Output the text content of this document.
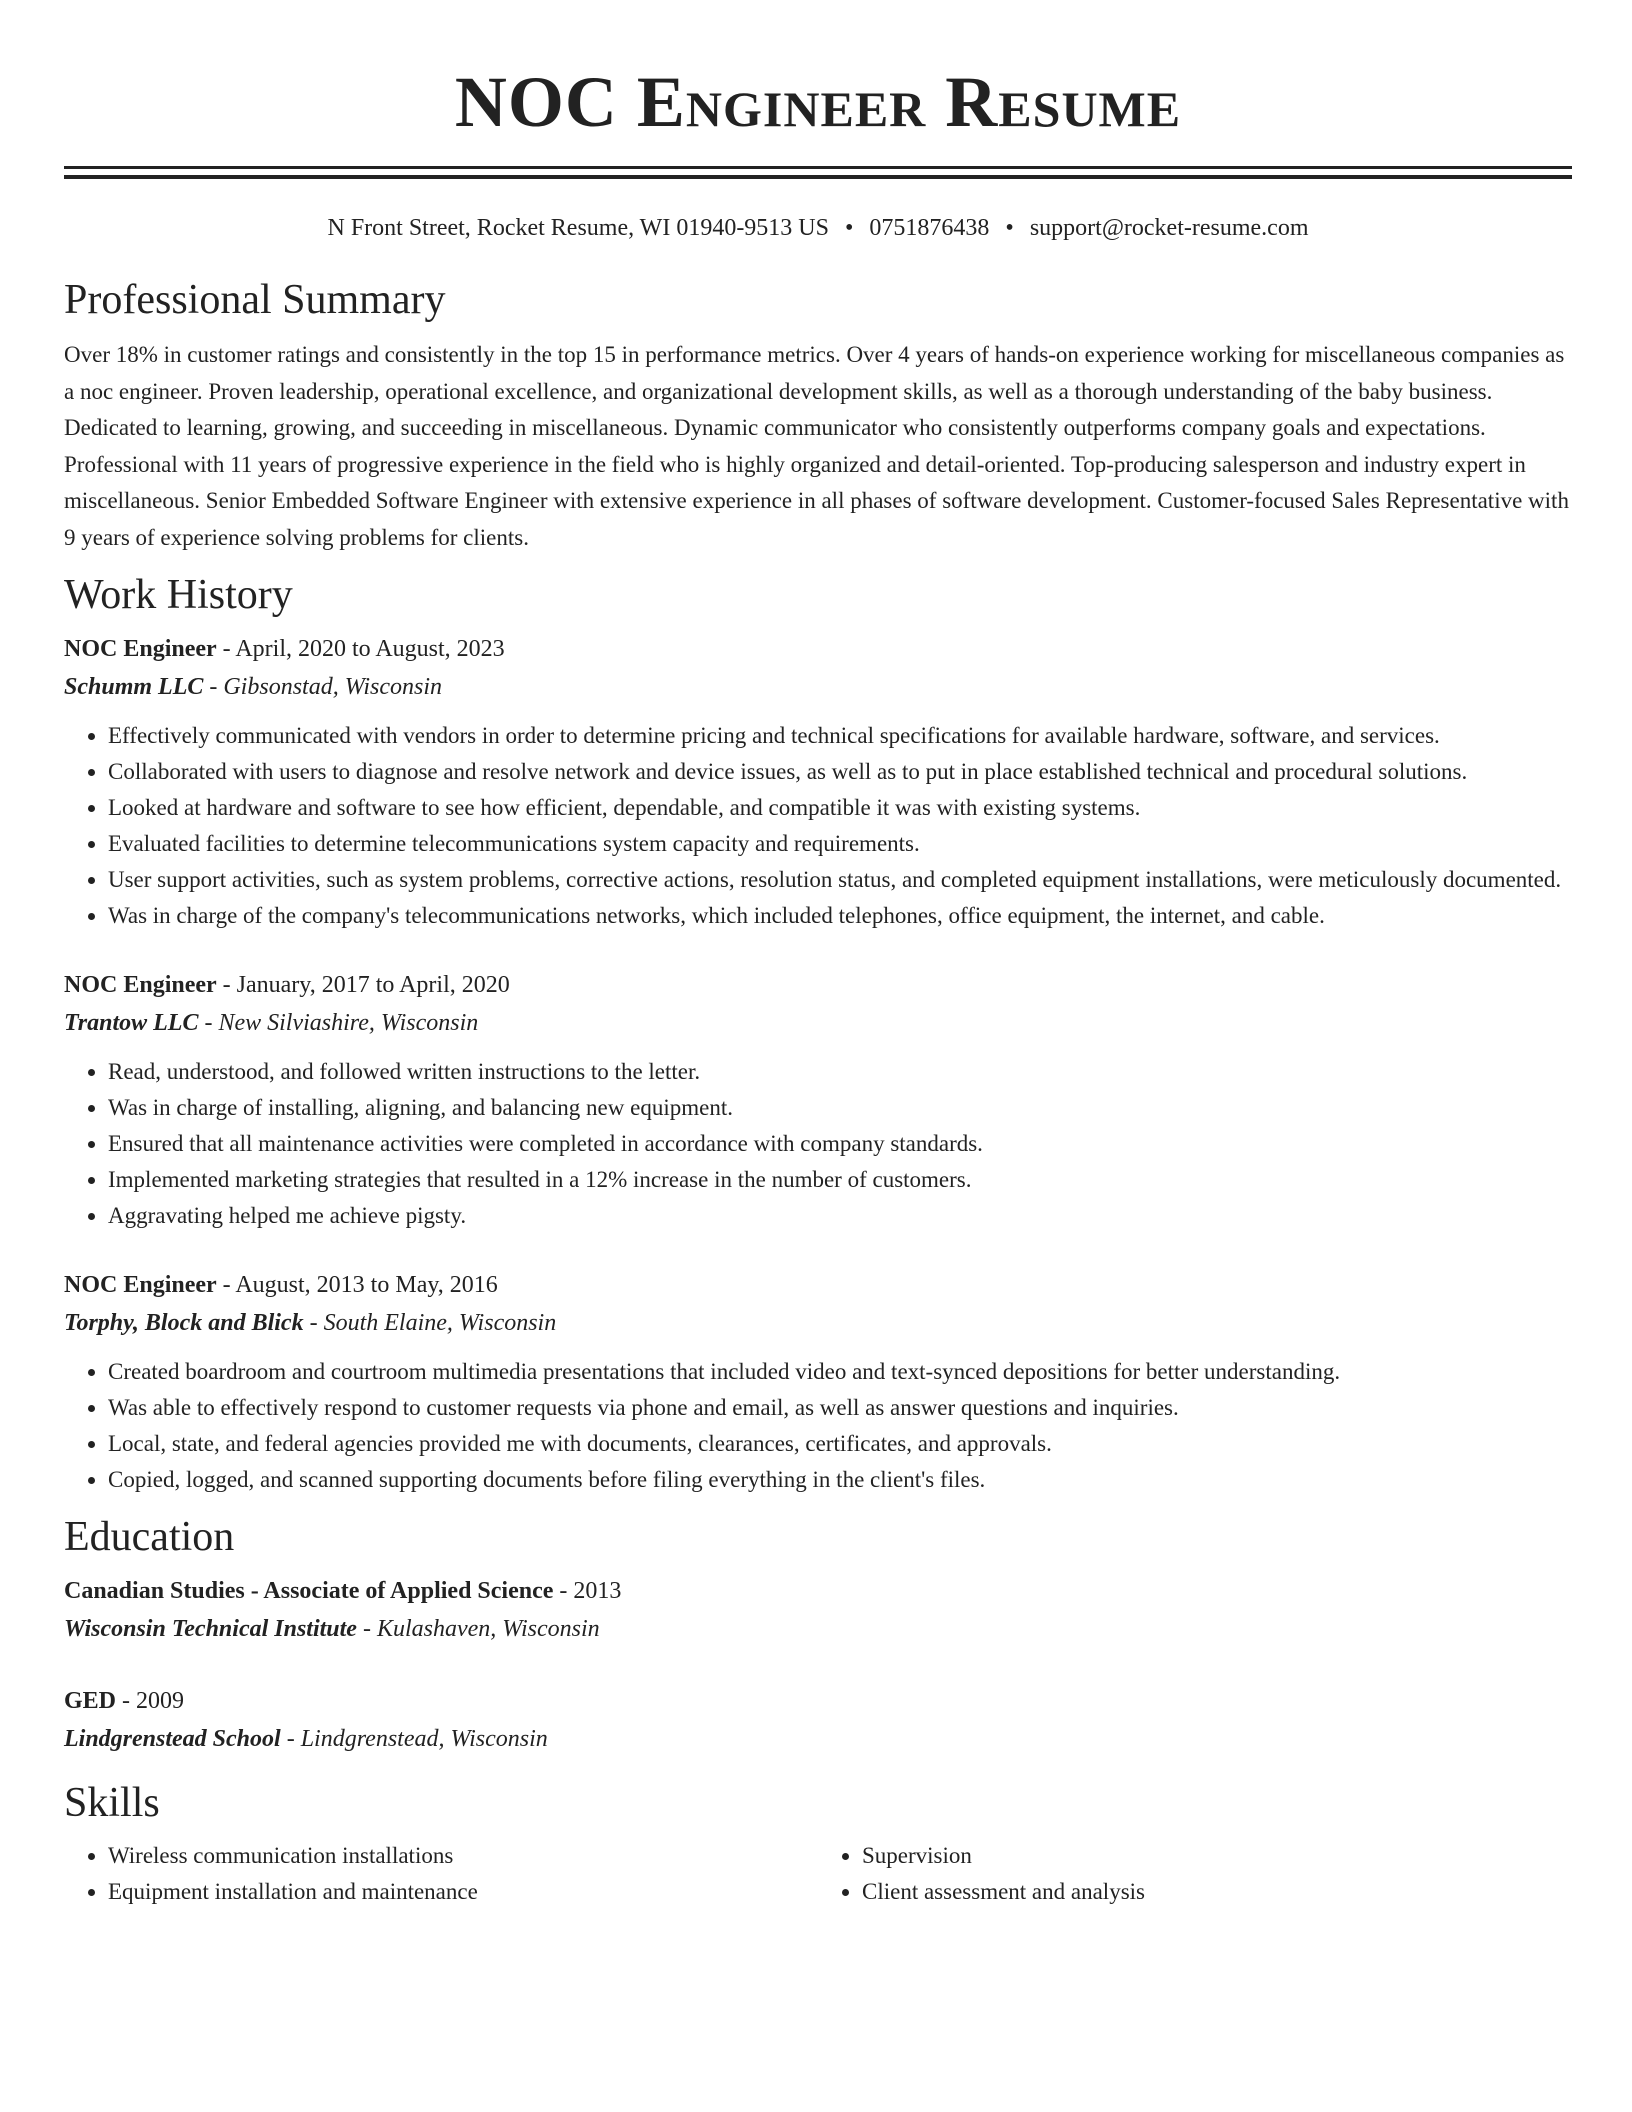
NOC Engineer Resume
N Front Street, Rocket Resume, WI 01940-9513 US • 0751876438 • support@rocket-resume.com
Professional Summary

Over 18% in customer ratings and consistently in the top 15 in performance metrics. Over 4 years of hands-on experience working for miscellaneous companies as a noc engineer. Proven leadership, operational excellence, and organizational development skills, as well as a thorough understanding of the baby business. Dedicated to learning, growing, and succeeding in miscellaneous. Dynamic communicator who consistently outperforms company goals and expectations. Professional with 11 years of progressive experience in the field who is highly organized and detail-oriented. Top-producing salesperson and industry expert in miscellaneous. Senior Embedded Software Engineer with extensive experience in all phases of software development. Customer-focused Sales Representative with 9 years of experience solving problems for clients.

Work History

NOC Engineer - April, 2020 to August, 2023

Schumm LLC - Gibsonstad, Wisconsin

• Effectively communicated with vendors in order to determine pricing and technical specifications for available hardware, software, and services.
• Collaborated with users to diagnose and resolve network and device issues, as well as to put in place established technical and procedural solutions.
• Looked at hardware and software to see how efficient, dependable, and compatible it was with existing systems.
• Evaluated facilities to determine telecommunications system capacity and requirements.
• User support activities, such as system problems, corrective actions, resolution status, and completed equipment installations, were meticulously documented.
• Was in charge of the company's telecommunications networks, which included telephones, office equipment, the internet, and cable.

NOC Engineer - January, 2017 to April, 2020

Trantow LLC - New Silviashire, Wisconsin

• Read, understood, and followed written instructions to the letter.
• Was in charge of installing, aligning, and balancing new equipment.
• Ensured that all maintenance activities were completed in accordance with company standards.
• Implemented marketing strategies that resulted in a 12% increase in the number of customers.
• Aggravating helped me achieve pigsty.

NOC Engineer - August, 2013 to May, 2016

Torphy, Block and Blick - South Elaine, Wisconsin

• Created boardroom and courtroom multimedia presentations that included video and text-synced depositions for better understanding.
• Was able to effectively respond to customer requests via phone and email, as well as answer questions and inquiries.
• Local, state, and federal agencies provided me with documents, clearances, certificates, and approvals.
• Copied, logged, and scanned supporting documents before filing everything in the client's files.
Education

Canadian Studies - Associate of Applied Science - 2013

Wisconsin Technical Institute - Kulashaven, Wisconsin

GED - 2009

Lindgrenstead School - Lindgrenstead, Wisconsin

Skills
• Wireless communication installations
• Equipment installation and maintenance
• Supervision
• Client assessment and analysis
